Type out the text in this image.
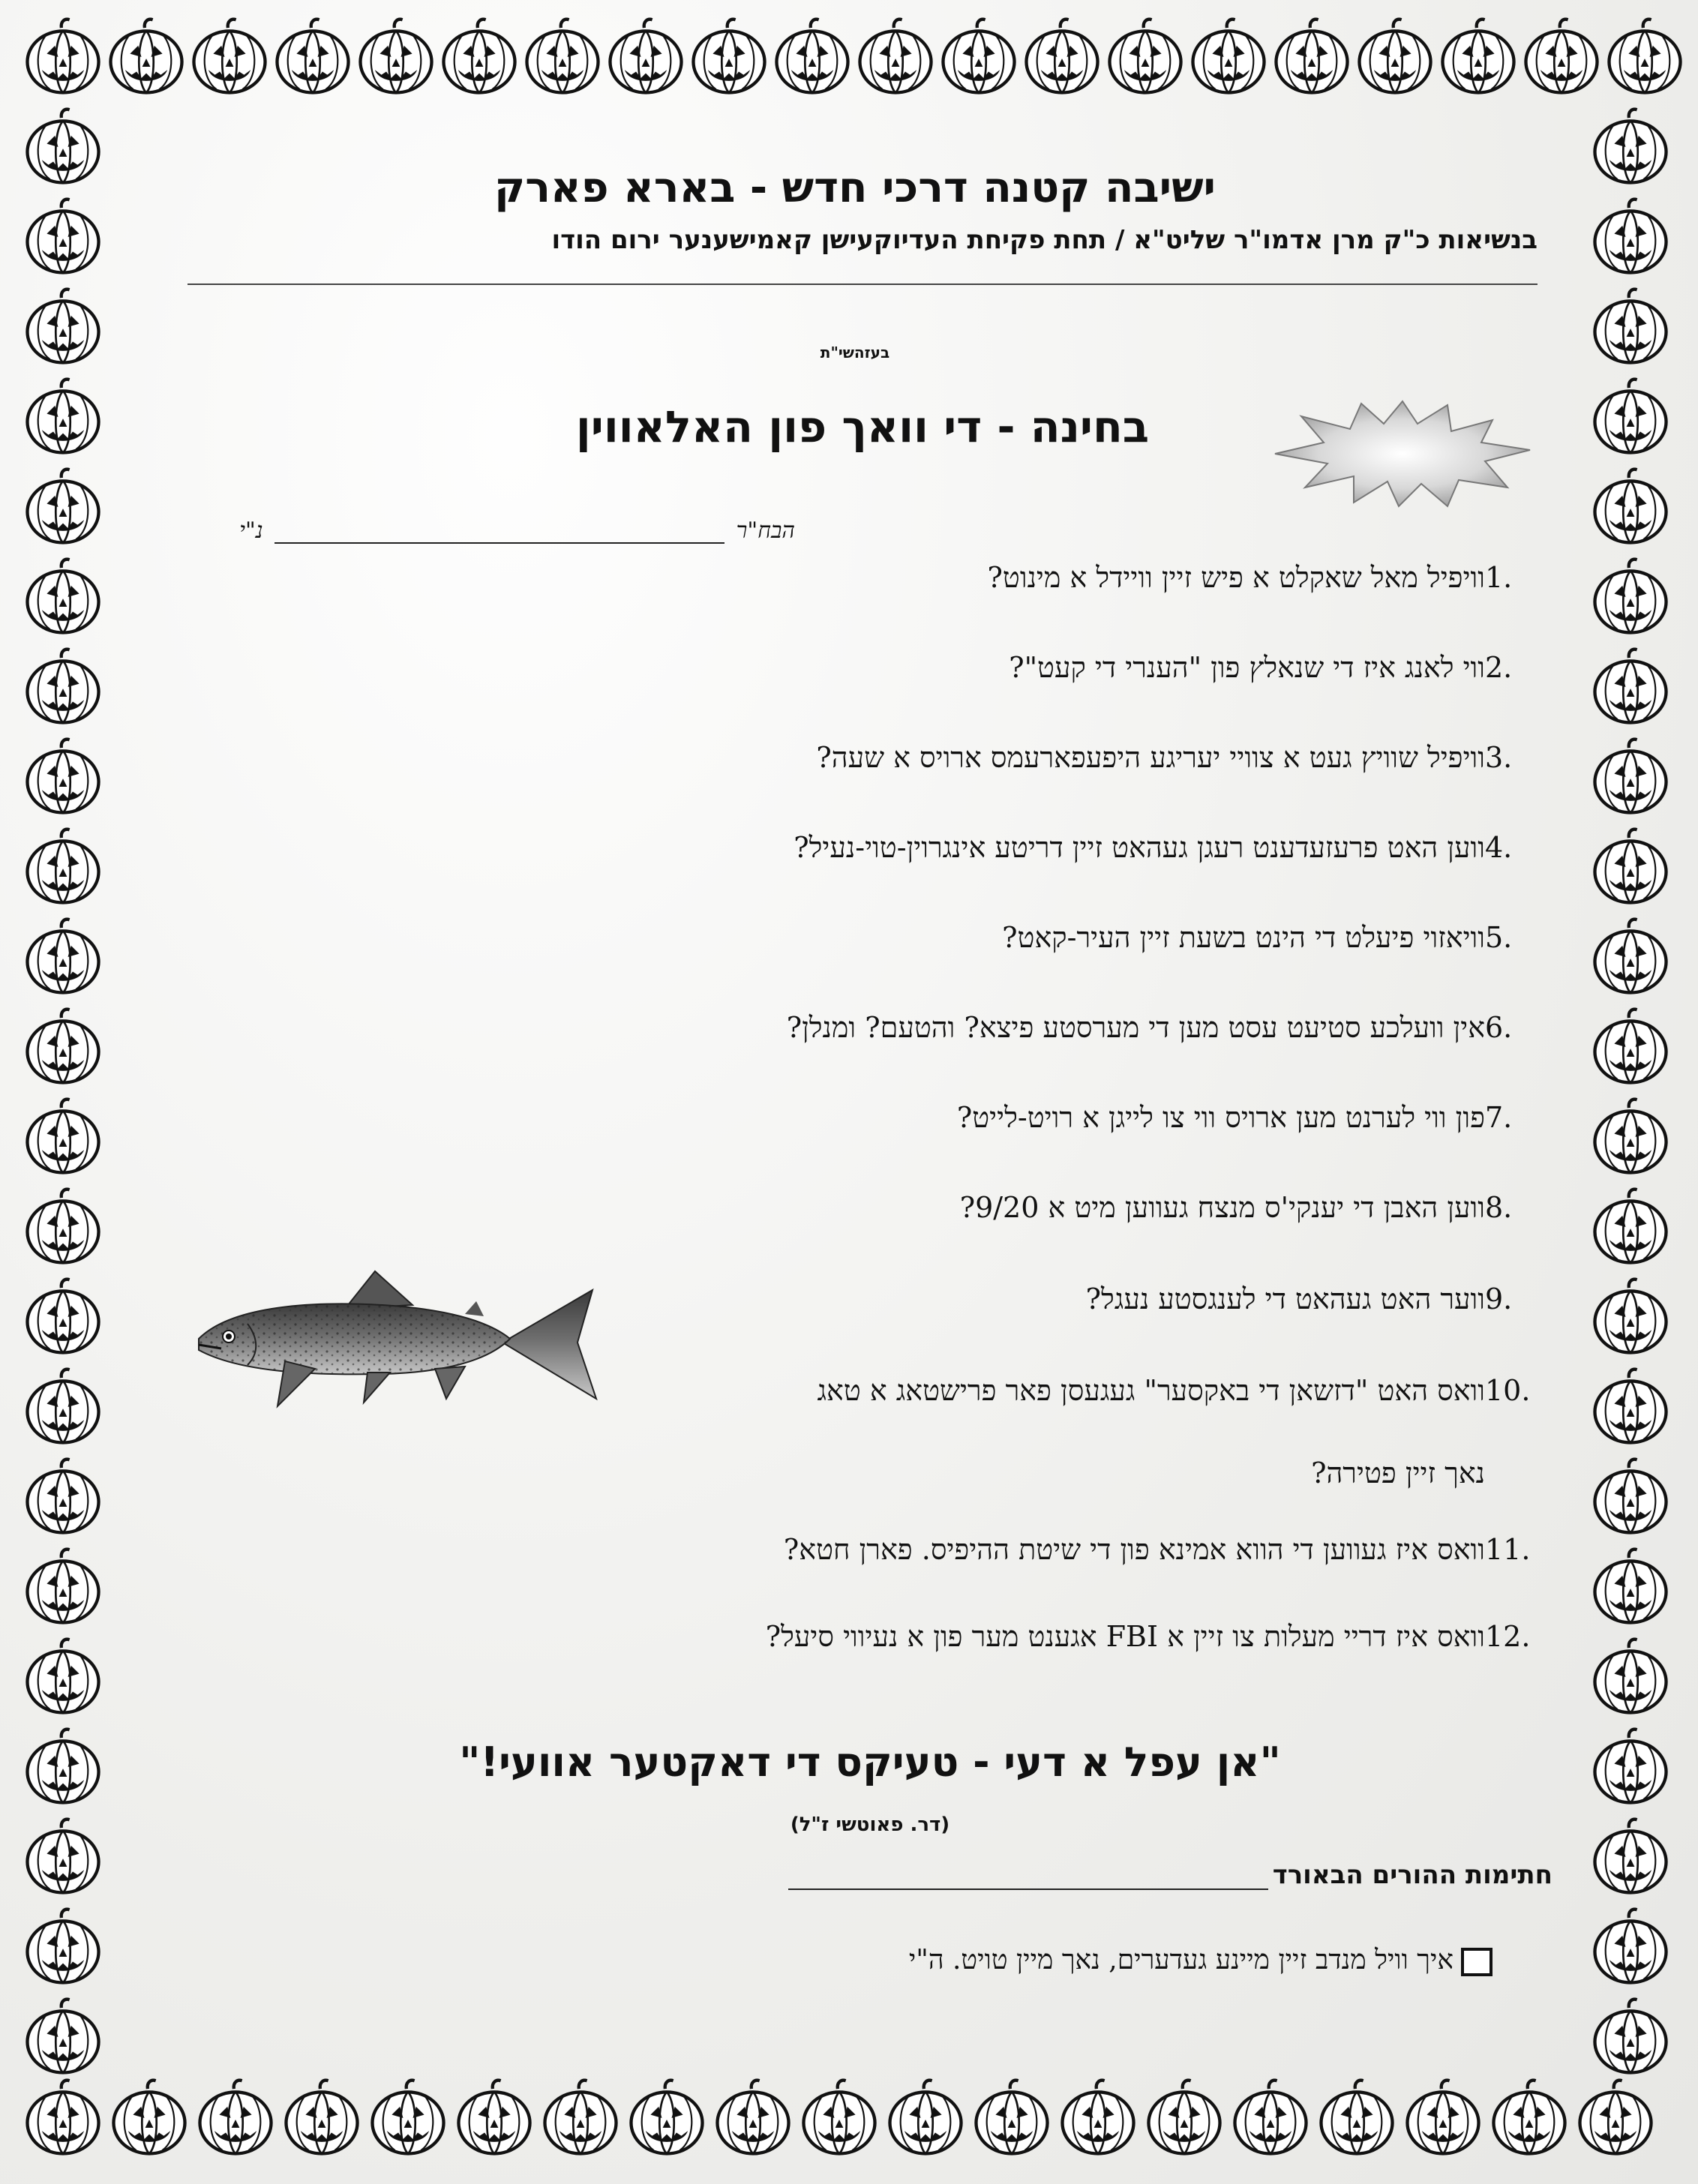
ישיבה קטנה דרכי חדש - בארא פארק
בנשיאות כ"ק מרן אדמו"ר שליט"א / תחת פקיחת העדיוקעישן קאמישענער ירום הודו
בעזהשי"ת
בחינה - די וואך פון האלאווין
הבח"ר  נ"י
1.וויפיל מאל שאקלט א פיש זיין וויידל א מינוט?
2.ווי לאנג איז די שנאלץ פון "הענרי די קעט"?
3.וויפיל שוויץ געט א צוויי יעריגע היפעפארעמס ארויס א שעה?
4.ווען האט פרעזעדענט רעגן געהאט זיין דריטע אינגרוין-טוי-נעיל?
5.וויאזוי פיעלט די הינט בשעת זיין העיר-קאט?
6.אין וועלכע סטיעט עסט מען די מערסטע פיצא? והטעם? ומנלן?
7.פון ווי לערנט מען ארויס ווי צו לייגן א רויט-לייט?
8.ווען האבן די יענקי'ס מנצח געווען מיט א 9/20?
9.ווער האט געהאט די לענגסטע נעגל?
10.וואס האט "דזשאן די באקסער" געגעסן פאר פרישטאג א טאג
נאך זיין פטירה?
11.וואס איז געווען די הווא אמינא פון די שיטת ההיפיס. פארן חטא?
12.וואס איז דריי מעלות צו זיין א FBI אגענט מער פון א נעיווי סיעל?
"אן עפל א דעי - טעיקס די דאקטער אוועי!"
(דר. פאוטשי ז"ל)
חתימות ההורים הבאורד
איך וויל מנדב זיין מיינע געדערים, נאך מיין טויט. ה"י
